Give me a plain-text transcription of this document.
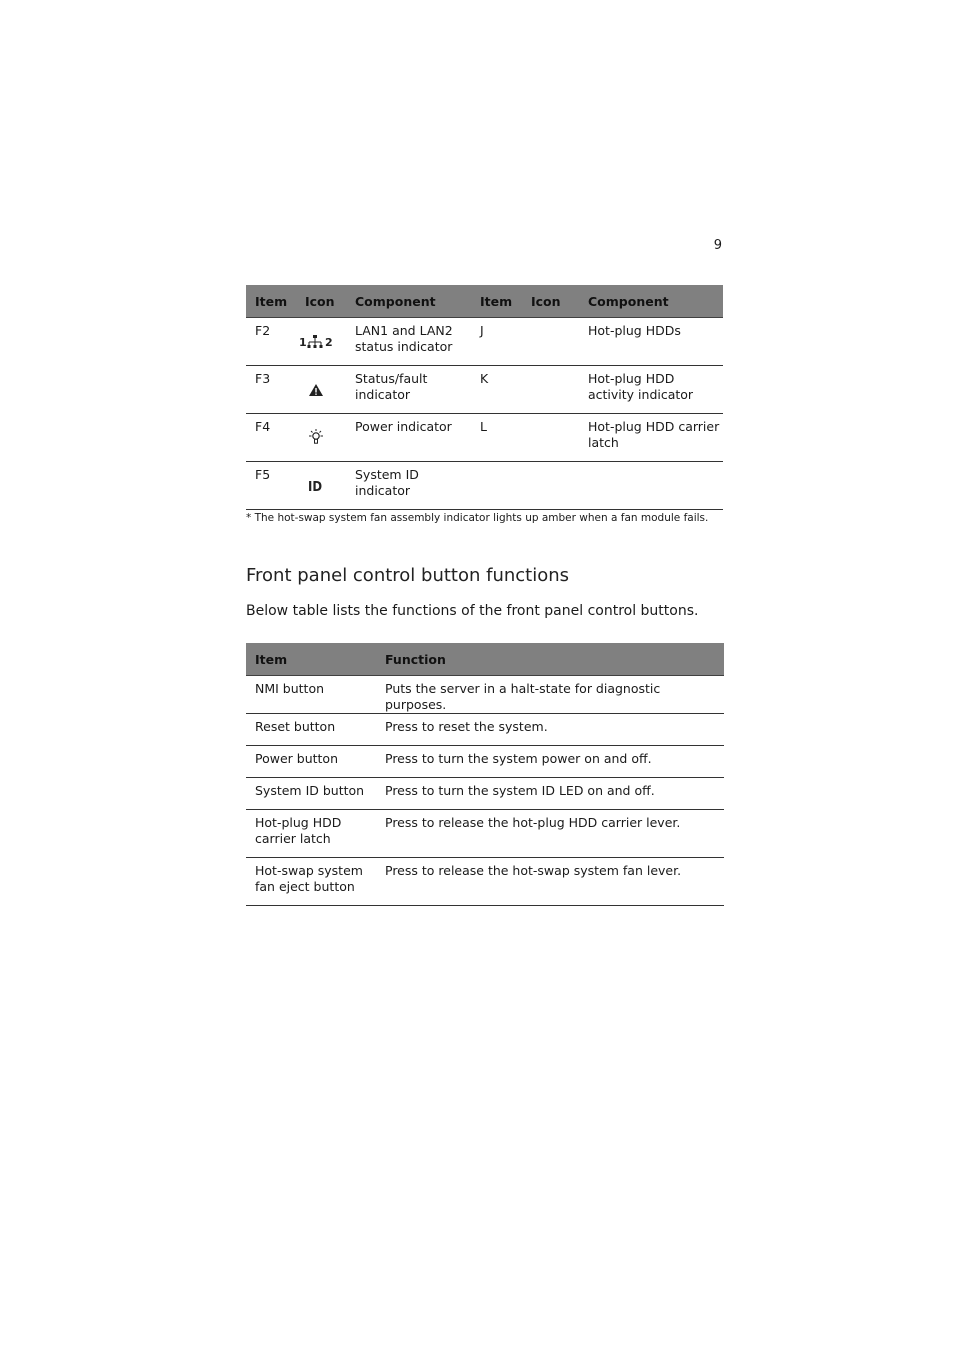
9
Item	Icon	Component	Item	Icon	Component
F2	1 2	LAN1 and LAN2 status indicator	J		Hot-plug HDDs
F3		Status/fault indicator	K		Hot-plug HDD activity indicator
F4		Power indicator	L		Hot-plug HDD carrier latch
F5	ID	System ID indicator			
* The hot-swap system fan assembly indicator lights up amber when a fan module fails.
Front panel control button functions

Below table lists the functions of the front panel control buttons.

Item	Function
NMI button	Puts the server in a halt-state for diagnostic purposes.
Reset button	Press to reset the system.
Power button	Press to turn the system power on and off.
System ID button	Press to turn the system ID LED on and off.
Hot-plug HDD carrier latch	Press to release the hot-plug HDD carrier lever.
Hot-swap system fan eject button	Press to release the hot-swap system fan lever.
